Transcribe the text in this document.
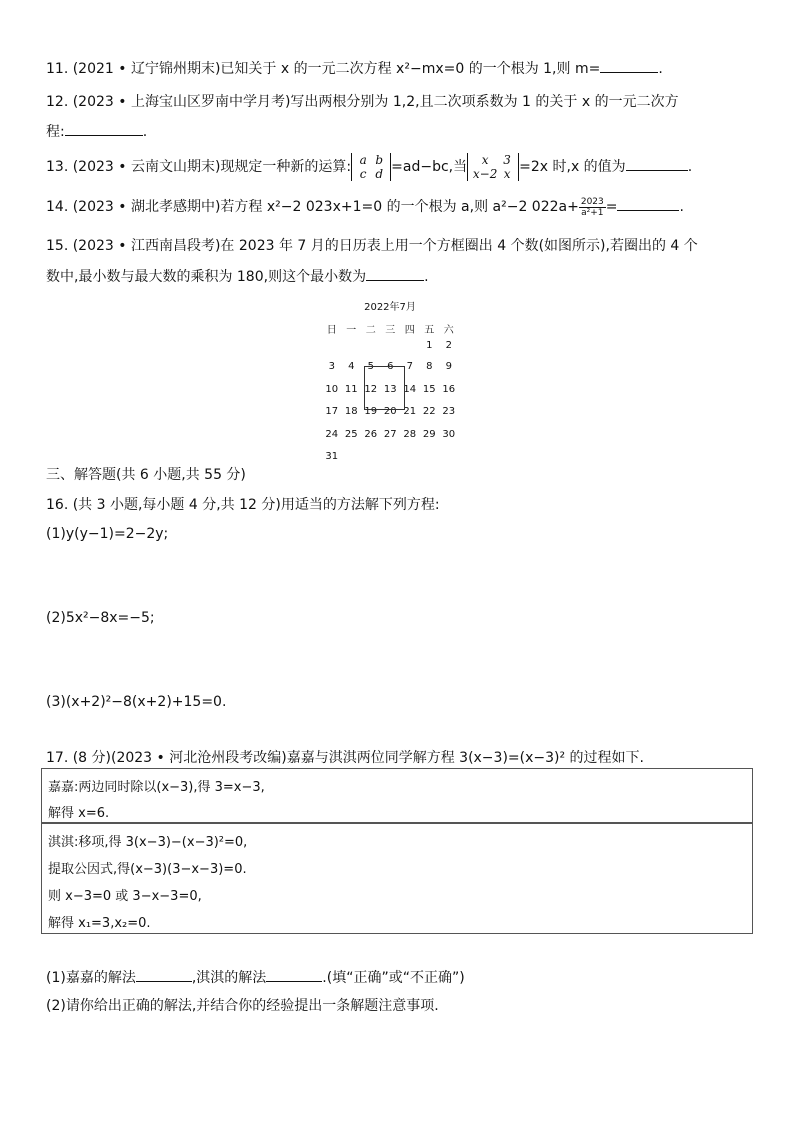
11. (2021 • 辽宁锦州期末)已知关于 x 的一元二次方程 x²−mx=0 的一个根为 1,则 m=	.
12. (2023 • 上海宝山区罗南中学月考)写出两根分别为 1,2,且二次项系数为 1 的关于 x 的一元二次方
程:	.
13. (2023 • 云南文山期末)现规定一种新的运算: a b
c d =ad−bc,当 x 3
x−2 x =2x 时,x 的值为	.
14. (2023 • 湖北孝感期中)若方程 x²−2 023x+1=0 的一个根为 a,则 a²−2 $022a+ \frac{2023}{\text{a²+1}}$ =	.
15. (2023 • 江西南昌段考)在 2023 年 7 月的日历表上用一个方框圈出 4 个数(如图所示),若圈出的 4 个
数中,最小数与最大数的乘积为 180,则这个最小数为	.
2022年7月
日	一	二	三	四	五	六
					1	2
3	4	5	6	7	8	9
10	11	12	13	14	15	16
17	18	19	20	21	22	23
24	25	26	27	28	29	30
31						
三、解答题(共 6 小题,共 55 分)
16. (共 3 小题,每小题 4 分,共 12 分)用适当的方法解下列方程:
(1)y(y−1)=2−2y;
(2)5x²−8x=−5;
(3)(x+2)²−8(x+2)+15=0.
17. (8 分)(2023 • 河北沧州段考改编)嘉嘉与淇淇两位同学解方程 3(x−3)=(x−3)² 的过程如下.
嘉嘉:两边同时除以(x−3),得 3=x−3,
解得 x=6.
淇淇:移项,得 3(x−3)−(x−3)²=0,
提取公因式,得(x−3)(3−x−3)=0.
则 x−3=0 或 3−x−3=0,
解得 x₁=3,x₂=0.
(1)嘉嘉的解法	,淇淇的解法	.(填“正确”或“不正确”)
(2)请你给出正确的解法,并结合你的经验提出一条解题注意事项.
